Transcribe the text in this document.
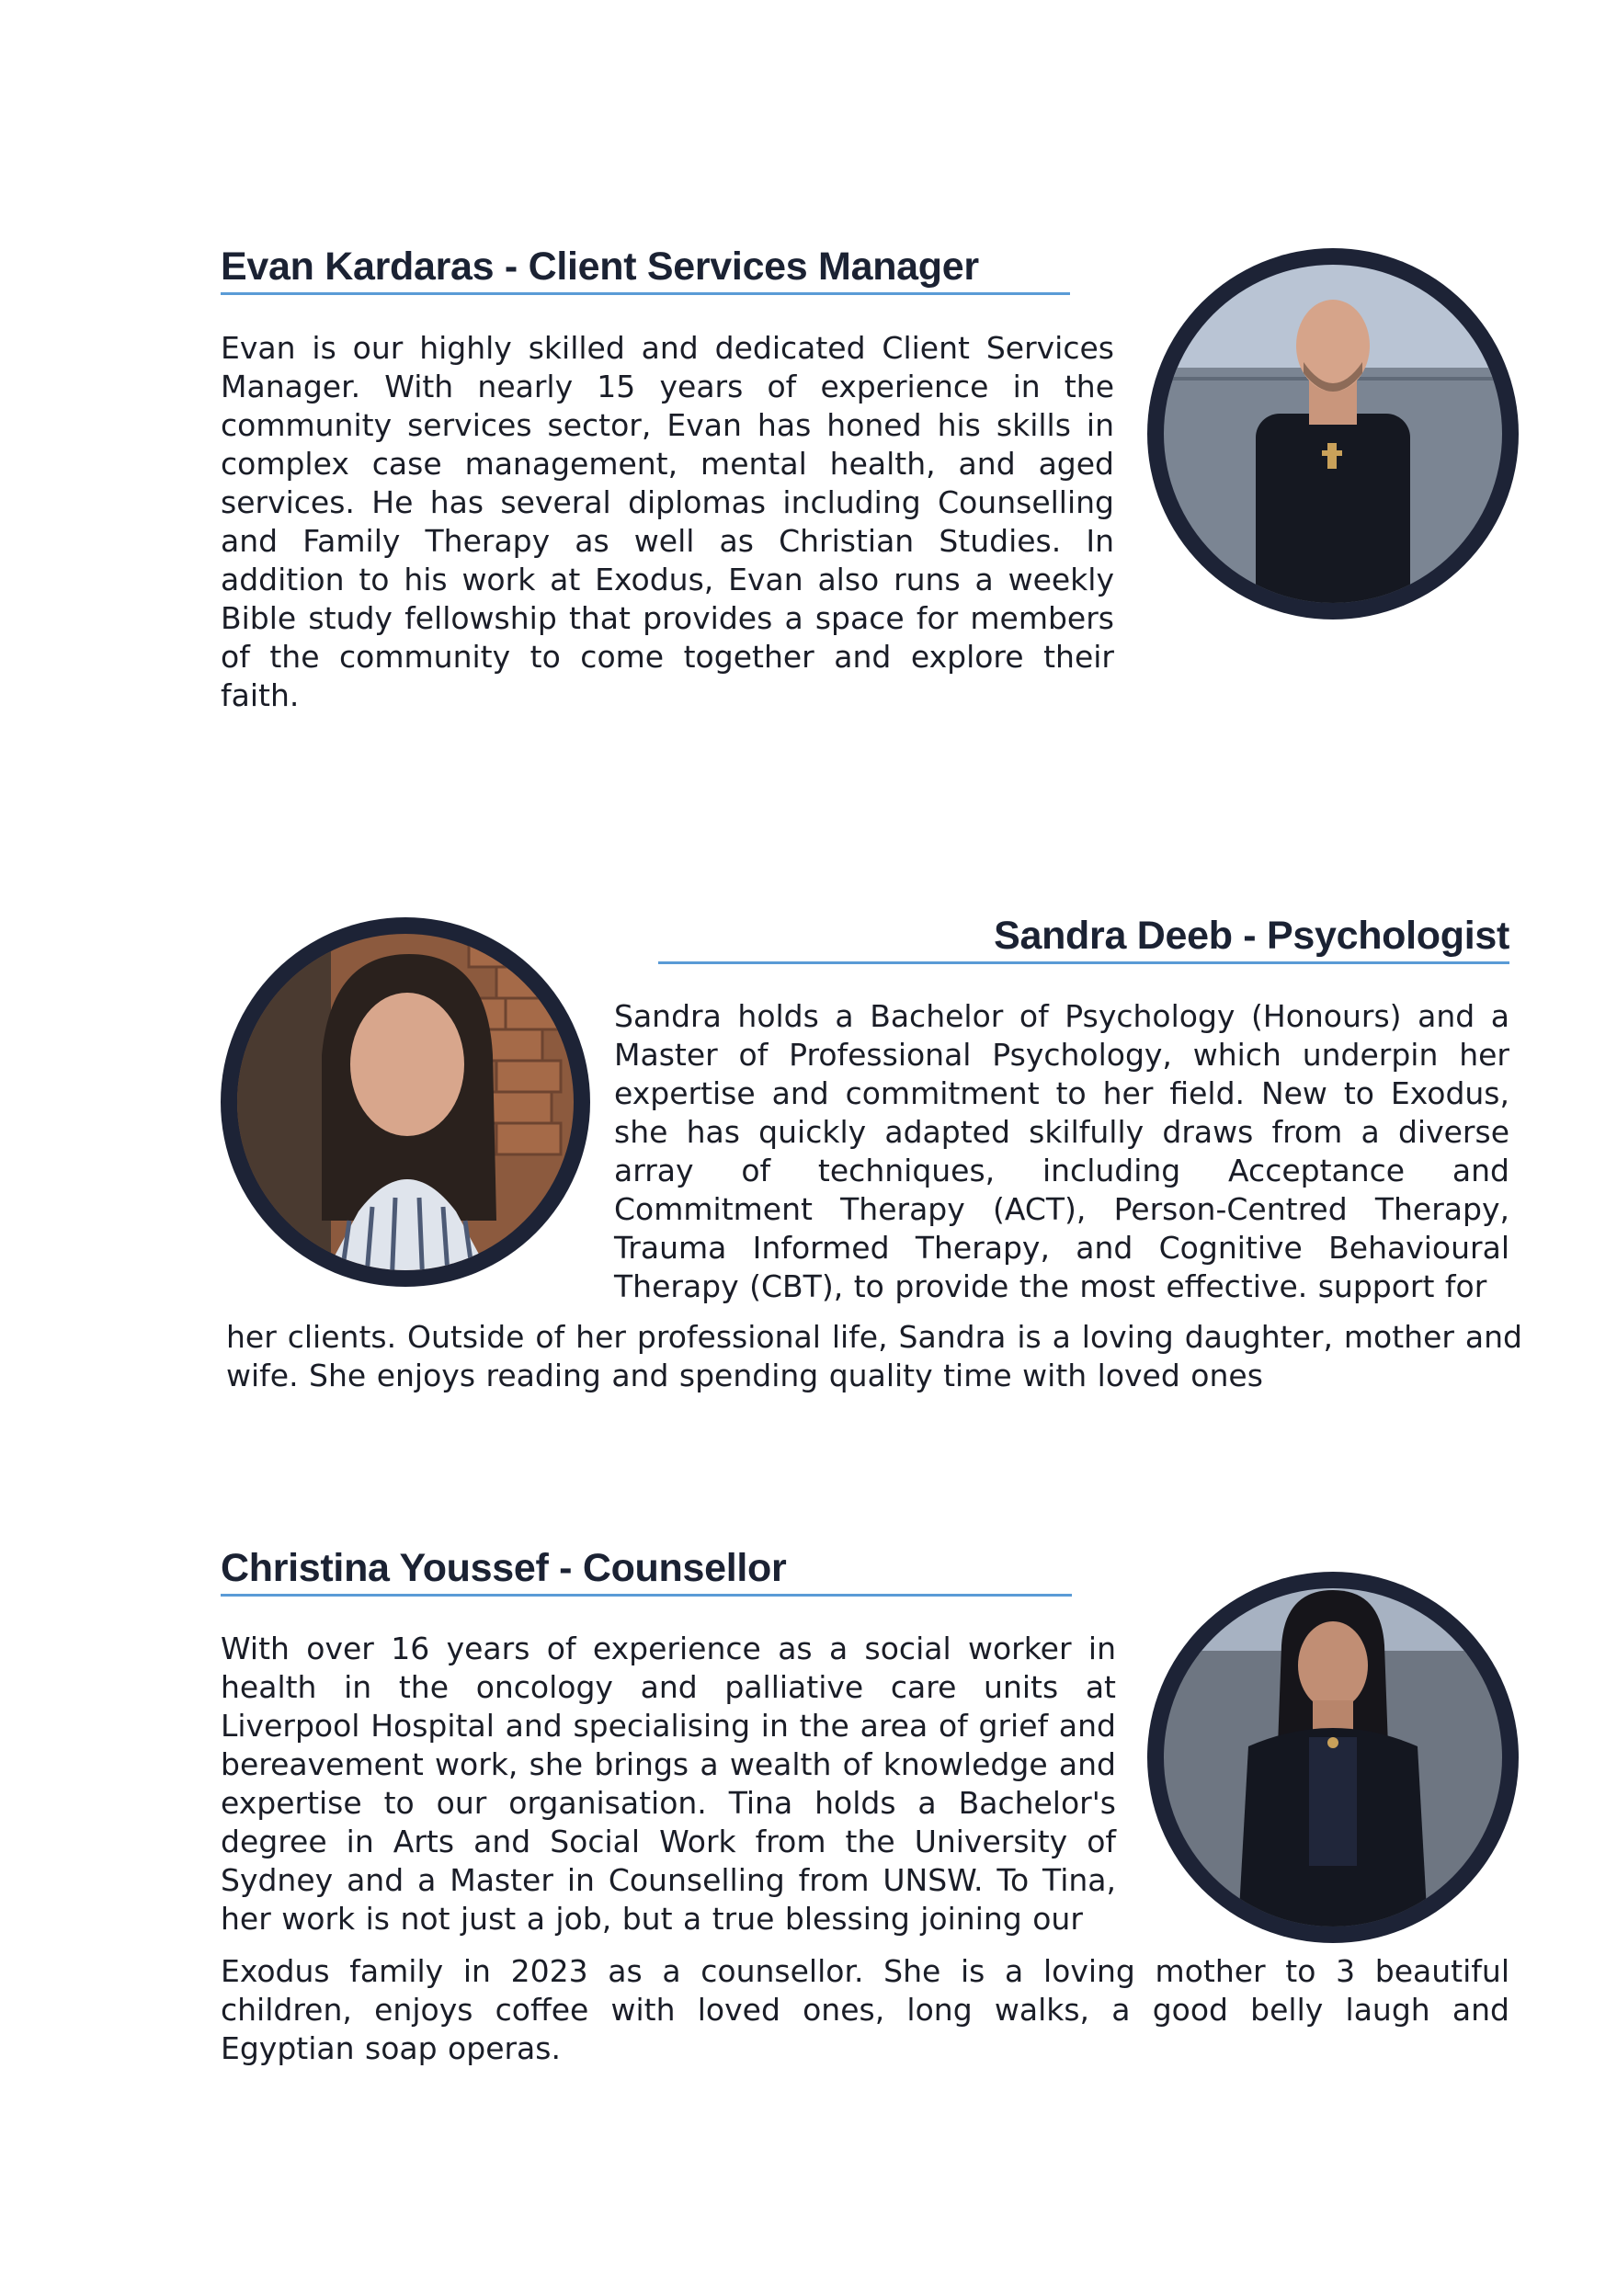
Evan Kardaras - Client Services Manager

Evan is our highly skilled and dedicated Client Services Manager. With nearly 15 years of experience in the community services sector, Evan has honed his skills in complex case management, mental health, and aged services. He has several diplomas including Counselling and Family Therapy as well as Christian Studies. In addition to his work at Exodus, Evan also runs a weekly Bible study fellowship that provides a space for members of the community to come together and explore their faith.

Sandra Deeb - Psychologist

Sandra holds a Bachelor of Psychology (Honours) and a Master of Professional Psychology, which underpin her expertise and commitment to her field. New to Exodus, she has quickly adapted skilfully draws from a diverse array of techniques, including Acceptance and Commitment Therapy (ACT), Person-Centred Therapy, Trauma Informed Therapy, and Cognitive Behavioural Therapy (CBT), to provide the most effective. support for

her clients. Outside of her professional life, Sandra is a loving daughter, mother and wife. She enjoys reading and spending quality time with loved ones

Christina Youssef - Counsellor

With over 16 years of experience as a social worker in health in the oncology and palliative care units at Liverpool Hospital and specialising in the area of grief and bereavement work, she brings a wealth of knowledge and expertise to our organisation. Tina holds a Bachelor's degree in Arts and Social Work from the University of Sydney and a Master in Counselling from UNSW. To Tina, her work is not just a job, but a true blessing joining our

Exodus family in 2023 as a counsellor. She is a loving mother to 3 beautiful children, enjoys coffee with loved ones, long walks, a good belly laugh and Egyptian soap operas.
